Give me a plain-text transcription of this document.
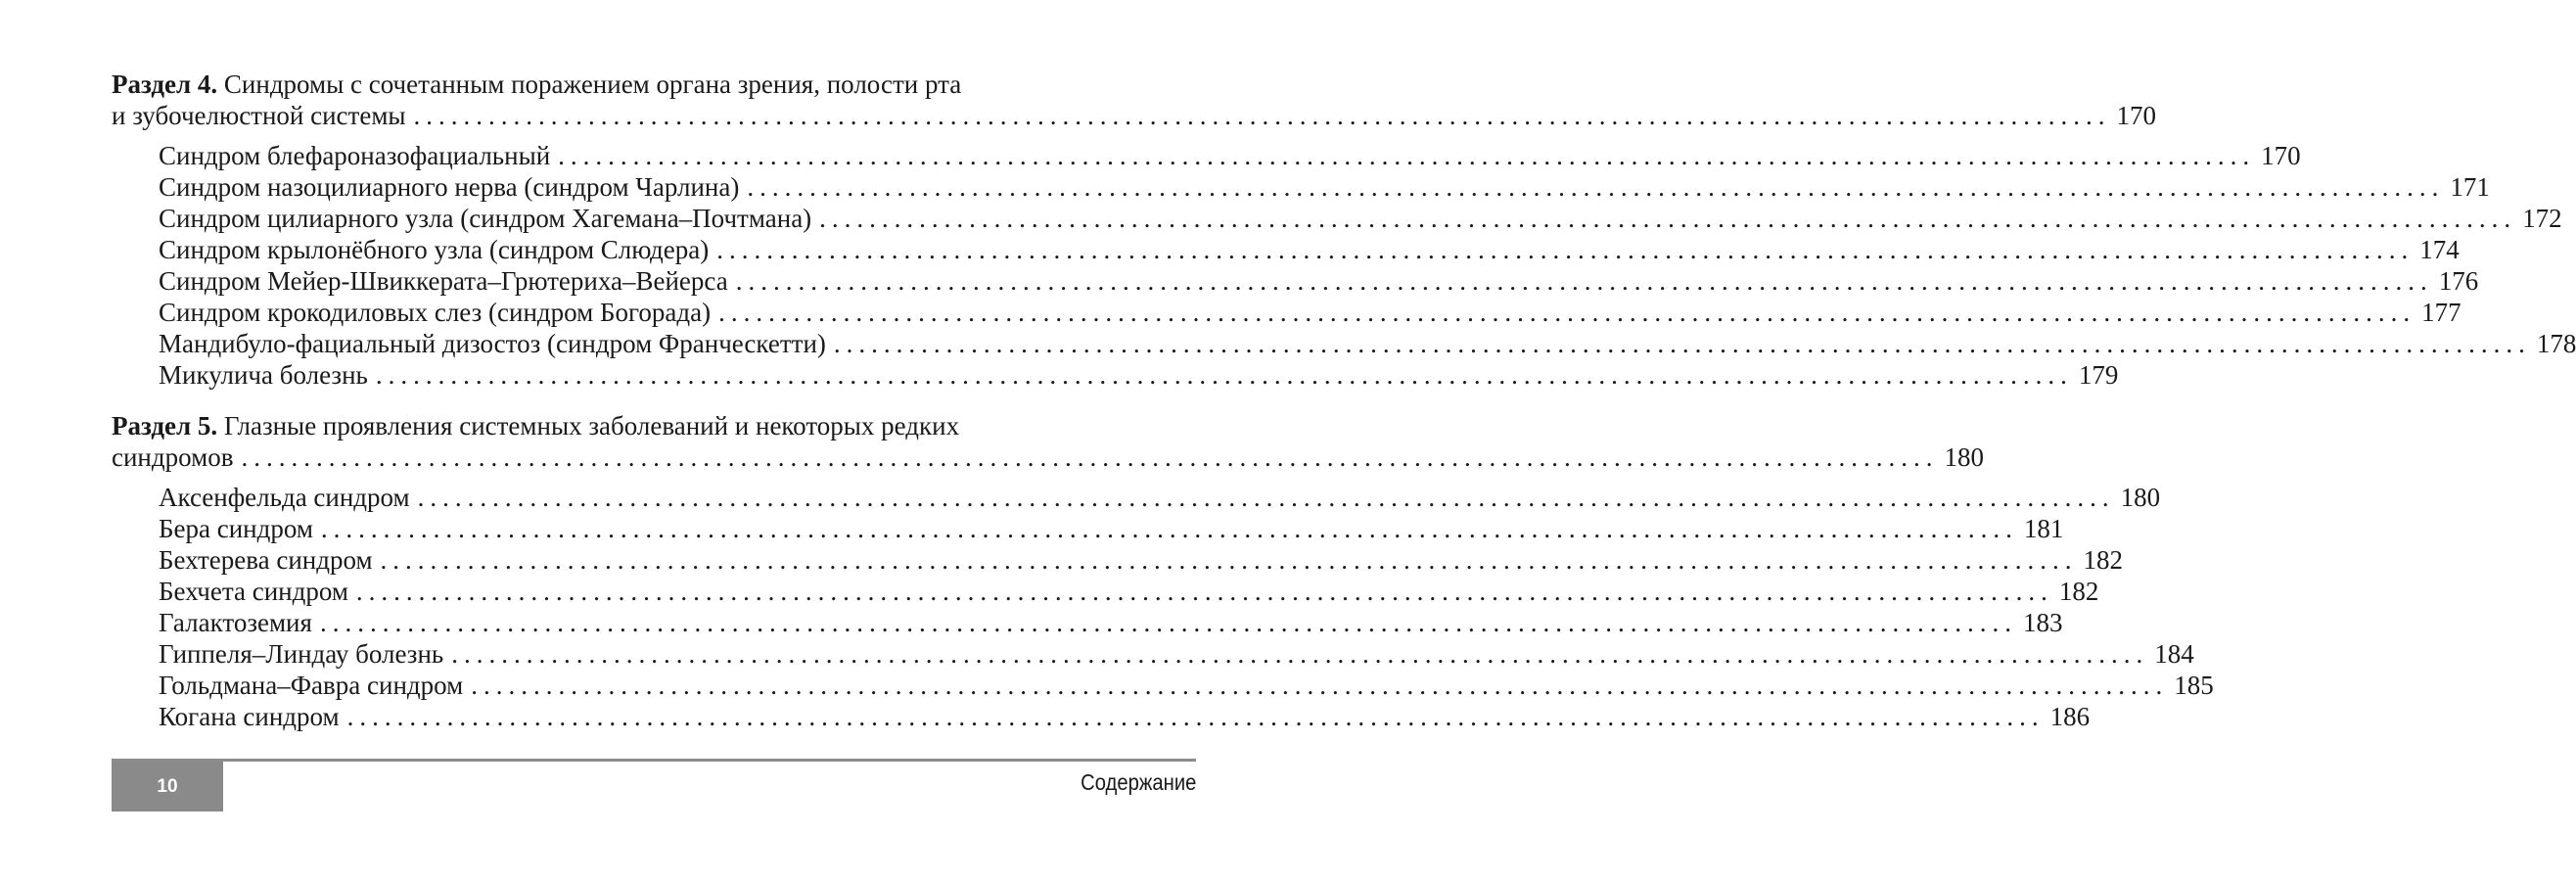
Раздел 4. Синдромы с сочетанным поражением органа зрения, полости рта
и зубочелюстной системы ........................................................................................................................................ 170
Синдром блефароназофациальный ........................................................................................................................................ 170
Синдром назоцилиарного нерва (синдром Чарлина) ........................................................................................................................................ 171
Синдром цилиарного узла (синдром Хагемана–Почтмана) ........................................................................................................................................ 172
Синдром крылонёбного узла (синдром Слюдера) ........................................................................................................................................ 174
Синдром Мейер-Швиккерата–Грютериха–Вейерса ........................................................................................................................................ 176
Синдром крокодиловых слез (синдром Богорада) ........................................................................................................................................ 177
Мандибуло-фациальный дизостоз (синдром Франческетти) ........................................................................................................................................ 178
Микулича болезнь ........................................................................................................................................ 179
Раздел 5. Глазные проявления системных заболеваний и некоторых редких
синдромов ........................................................................................................................................ 180
Аксенфельда синдром ........................................................................................................................................ 180
Бера синдром ........................................................................................................................................ 181
Бехтерева синдром ........................................................................................................................................ 182
Бехчета синдром ........................................................................................................................................ 182
Галактоземия ........................................................................................................................................ 183
Гиппеля–Линдау болезнь ........................................................................................................................................ 184
Гольдмана–Фавра синдром ........................................................................................................................................ 185
Когана синдром ........................................................................................................................................ 186
10	Содержание
